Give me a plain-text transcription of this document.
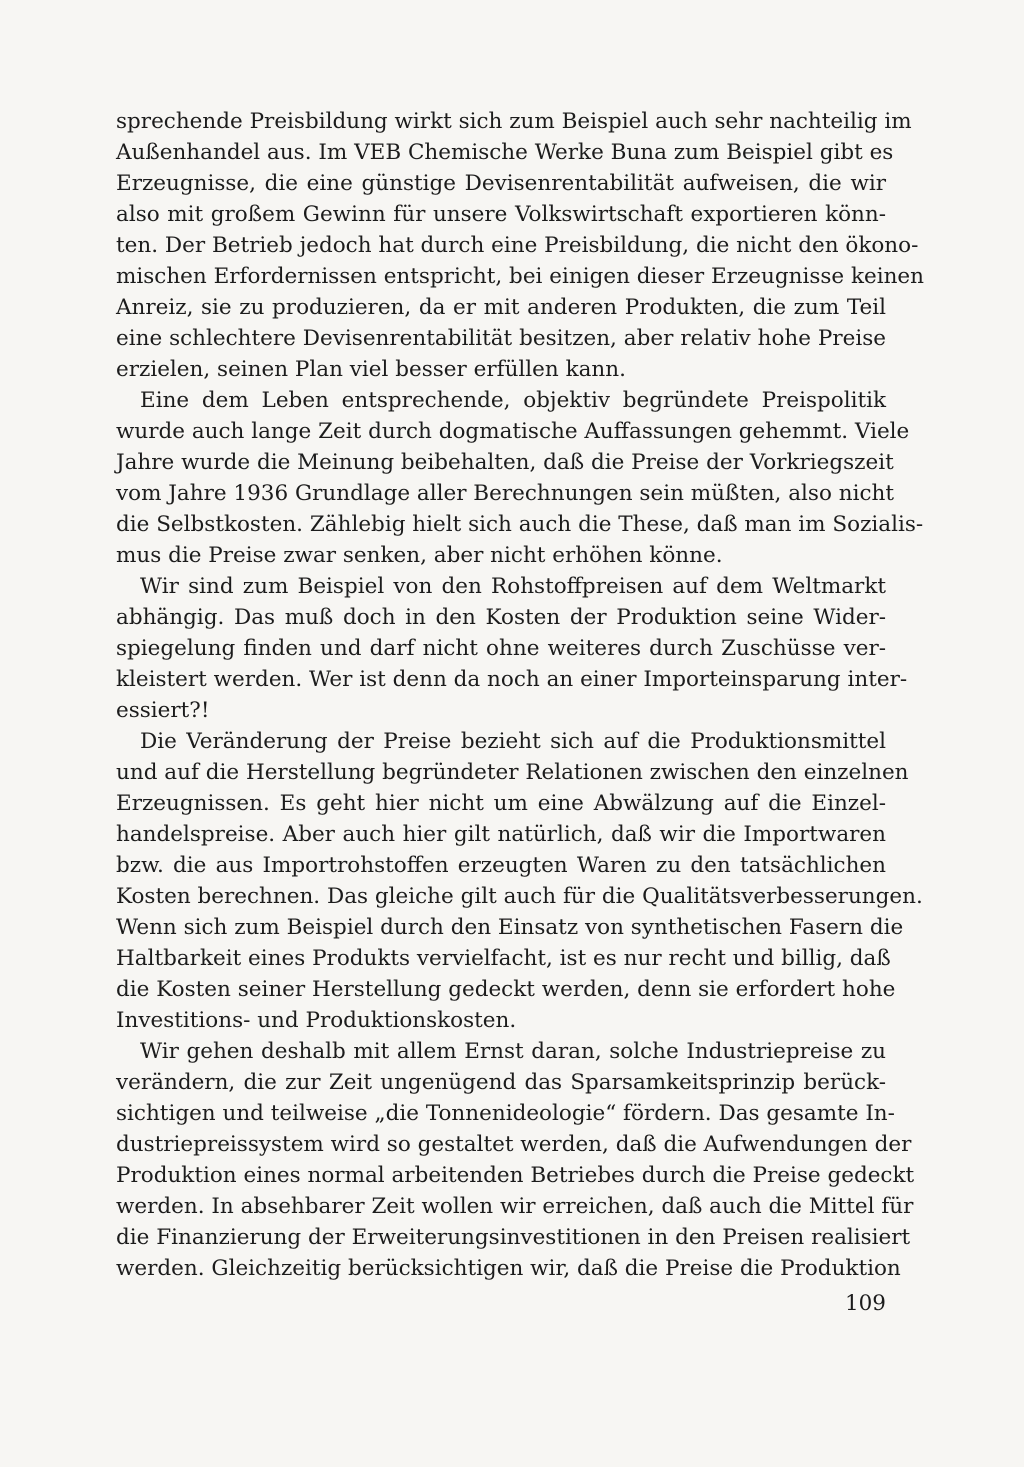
sprechende Preisbildung wirkt sich zum Beispiel auch sehr nachteilig im
Außenhandel aus. Im VEB Chemische Werke Buna zum Beispiel gibt es
Erzeugnisse, die eine günstige Devisenrentabilität aufweisen, die wir
also mit großem Gewinn für unsere Volkswirtschaft exportieren könn-
ten. Der Betrieb jedoch hat durch eine Preisbildung, die nicht den ökono-
mischen Erfordernissen entspricht, bei einigen dieser Erzeugnisse keinen
Anreiz, sie zu produzieren, da er mit anderen Produkten, die zum Teil
eine schlechtere Devisenrentabilität besitzen, aber relativ hohe Preise
erzielen, seinen Plan viel besser erfüllen kann.

Eine dem Leben entsprechende, objektiv begründete Preispolitik
wurde auch lange Zeit durch dogmatische Auffassungen gehemmt. Viele
Jahre wurde die Meinung beibehalten, daß die Preise der Vorkriegszeit
vom Jahre 1936 Grundlage aller Berechnungen sein müßten, also nicht
die Selbstkosten. Zählebig hielt sich auch die These, daß man im Sozialis-
mus die Preise zwar senken, aber nicht erhöhen könne.

Wir sind zum Beispiel von den Rohstoffpreisen auf dem Weltmarkt
abhängig. Das muß doch in den Kosten der Produktion seine Wider-
spiegelung finden und darf nicht ohne weiteres durch Zuschüsse ver-
kleistert werden. Wer ist denn da noch an einer Importeinsparung inter-
essiert?!

Die Veränderung der Preise bezieht sich auf die Produktionsmittel
und auf die Herstellung begründeter Relationen zwischen den einzelnen
Erzeugnissen. Es geht hier nicht um eine Abwälzung auf die Einzel-
handelspreise. Aber auch hier gilt natürlich, daß wir die Importwaren
bzw. die aus Importrohstoffen erzeugten Waren zu den tatsächlichen
Kosten berechnen. Das gleiche gilt auch für die Qualitätsverbesserungen.
Wenn sich zum Beispiel durch den Einsatz von synthetischen Fasern die
Haltbarkeit eines Produkts vervielfacht, ist es nur recht und billig, daß
die Kosten seiner Herstellung gedeckt werden, denn sie erfordert hohe
Investitions- und Produktionskosten.

Wir gehen deshalb mit allem Ernst daran, solche Industriepreise zu
verändern, die zur Zeit ungenügend das Sparsamkeitsprinzip berück-
sichtigen und teilweise „die Tonnenideologie“ fördern. Das gesamte In-
dustriepreissystem wird so gestaltet werden, daß die Aufwendungen der
Produktion eines normal arbeitenden Betriebes durch die Preise gedeckt
werden. In absehbarer Zeit wollen wir erreichen, daß auch die Mittel für
die Finanzierung der Erweiterungsinvestitionen in den Preisen realisiert
werden. Gleichzeitig berücksichtigen wir, daß die Preise die Produktion

109
